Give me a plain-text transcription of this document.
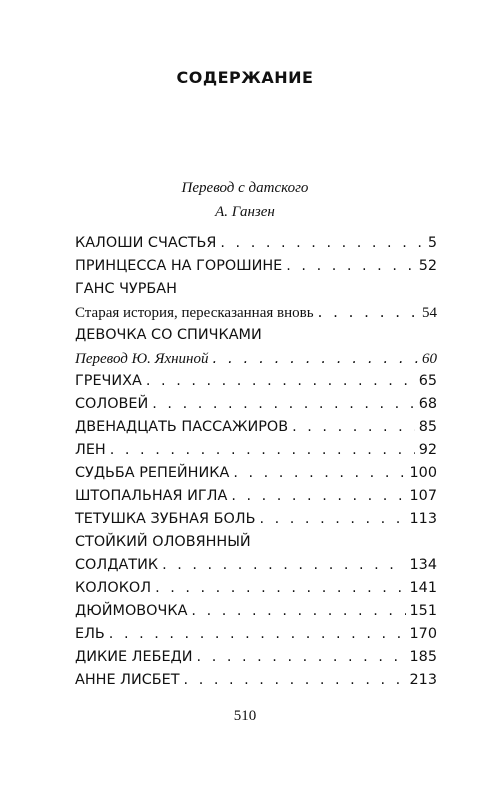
СОДЕРЖАНИЕ
Перевод с датского
А. Ганзен
КАЛОШИ СЧАСТЬЯ . . .	5
ПРИНЦЕССА НА ГОРОШИНЕ . . .	52
ГАНС ЧУРБАН
Старая история, пересказанная вновь . . .	54
ДЕВОЧКА СО СПИЧКАМИ
Перевод Ю. Яхниной . . .	60
ГРЕЧИХА . . .	65
СОЛОВЕЙ . . .	68
ДВЕНАДЦАТЬ ПАССАЖИРОВ . . .	85
ЛЕН . . .	92
СУДЬБА РЕПЕЙНИКА . . .	100
ШТОПАЛЬНАЯ ИГЛА . . .	107
ТЕТУШКА ЗУБНАЯ БОЛЬ . . .	113
СТОЙКИЙ ОЛОВЯННЫЙ
СОЛДАТИК . . .	134
КОЛОКОЛ . . .	141
ДЮЙМОВОЧКА . . .	151
ЕЛЬ . . .	170
ДИКИЕ ЛЕБЕДИ . . .	185
АННЕ ЛИСБЕТ . . .	213
510
